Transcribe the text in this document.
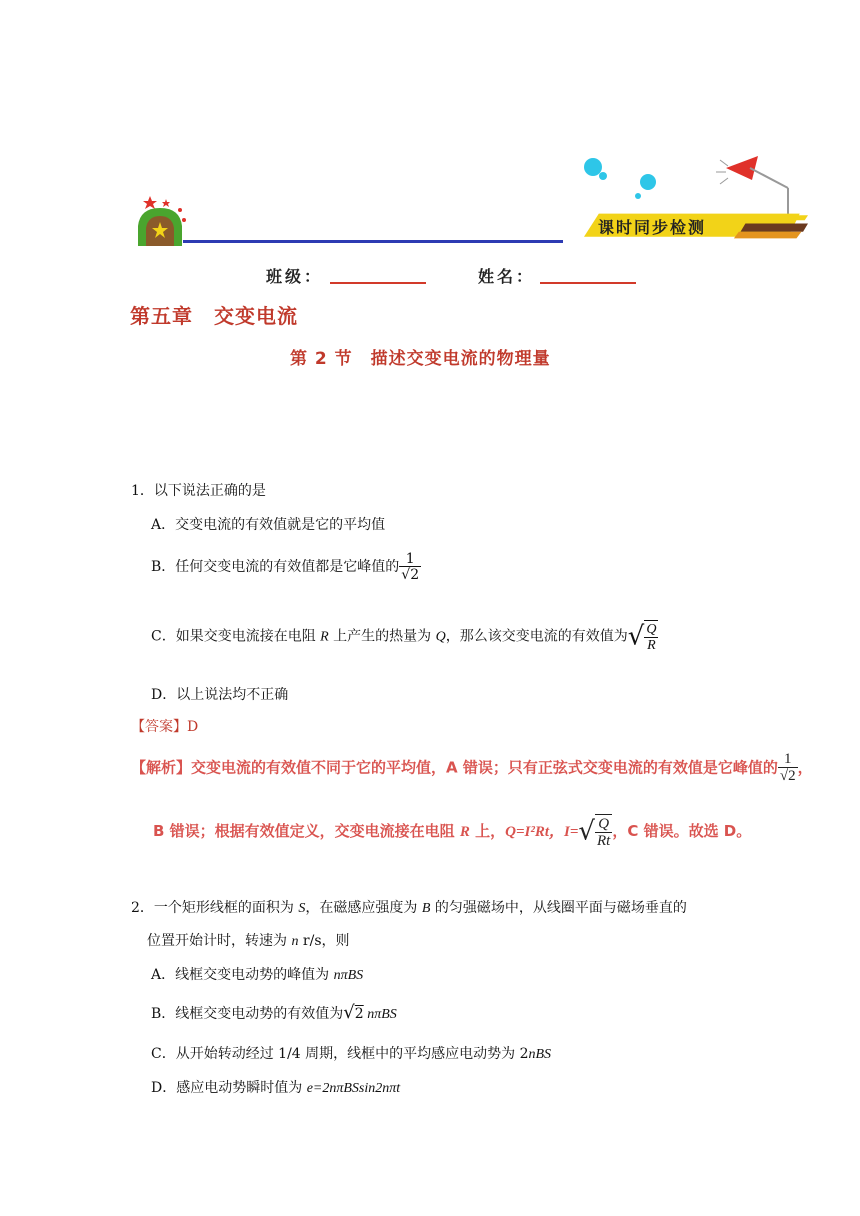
课时同步检测
班级：	姓名：
第五章　交变电流
第 2 节　描述交变电流的物理量
1．以下说法正确的是
A．交变电流的有效值就是它的平均值
B．任何交变电流的有效值都是它峰值的 $\frac{1}{√2}$
C．如果交变电流接在电阻 R 上产生的热量为 Q，那么该交变电流的有效值为√ $\frac{Q}{R}$
D．以上说法均不正确
【答案】D
【解析】交变电流的有效值不同于它的平均值，A 错误；只有正弦式交变电流的有效值是它峰值的 $\frac{1}{√2}$ ，
B 错误；根据有效值定义，交变电流接在电阻 R 上，Q=I²Rt，$I=√ \frac{Q}{Rt}$ ，C 错误。故选 D。
2．一个矩形线框的面积为 S，在磁感应强度为 B 的匀强磁场中，从线圈平面与磁场垂直的
位置开始计时，转速为 n r/s，则
A．线框交变电动势的峰值为 nπBS
B．线框交变电动势的有效值为√2 nπBS
C．从开始转动经过 1/4 周期，线框中的平均感应电动势为 2nBS
D．感应电动势瞬时值为 e=2nπBSsin2nπt
